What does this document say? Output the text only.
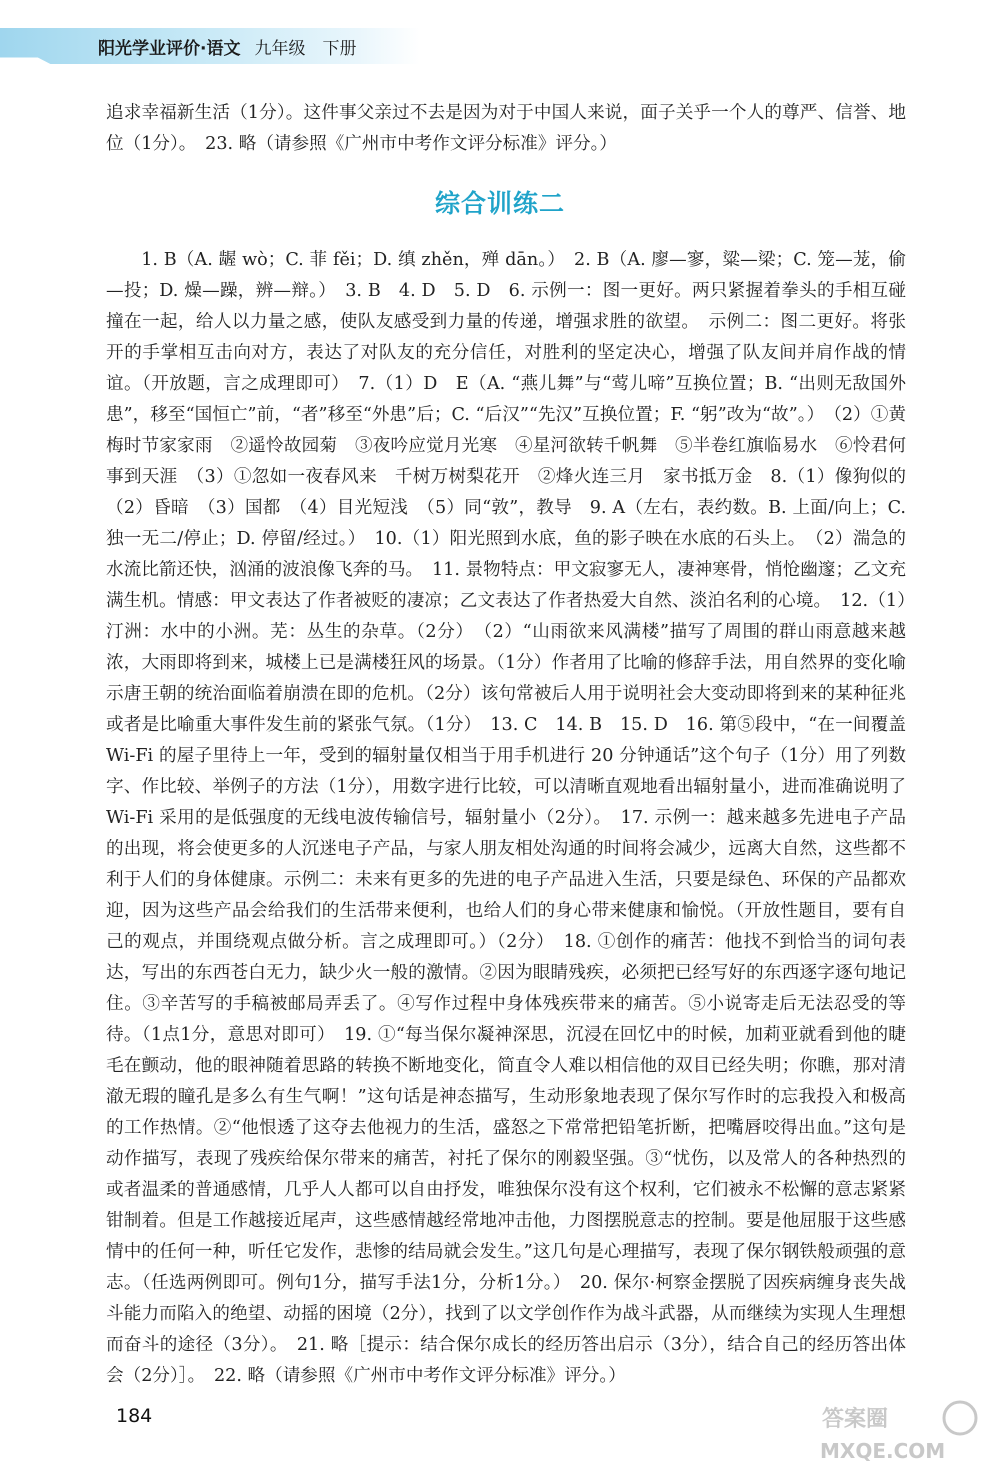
阳光学业评价·语文 九年级　下册

追求幸福新生活（1分）。这件事父亲过不去是因为对于中国人来说，面子关乎一个人的尊严、信誉、地位（1分）。　23. 略（请参照《广州市中考作文评分标准》评分。）

综合训练二

1. B（A. 龌 wò；C. 菲 fěi；D. 缜 zhěn，殚 dān。）　2. B（A. 廖—寥，粱—梁；C. 笼—茏，偷—投；D. 燥—躁，辨—辩。）　3. B　4. D　5. D　6. 示例一：图一更好。两只紧握着拳头的手相互碰撞在一起，给人以力量之感，使队友感受到力量的传递，增强求胜的欲望。　示例二：图二更好。将张开的手掌相互击向对方，表达了对队友的充分信任，对胜利的坚定决心，增强了队友间并肩作战的情谊。（开放题，言之成理即可）　7.（1）D　E（A. “燕儿舞”与“莺儿啼”互换位置；B. “出则无敌国外患”，移至“国恒亡”前，“者”移至“外患”后；C. “后汉”“先汉”互换位置；F. “躬”改为“故”。）　（2）①黄梅时节家家雨　②遥怜故园菊　③夜吟应觉月光寒　④星河欲转千帆舞　⑤半卷红旗临易水　⑥怜君何事到天涯　（3）①忽如一夜春风来　千树万树梨花开　②烽火连三月　家书抵万金　8.（1）像狗似的　（2）昏暗　（3）国都　（4）目光短浅　（5）同“敦”，教导　9. A（左右，表约数。B. 上面/向上；C. 独一无二/停止；D. 停留/经过。）　10.（1）阳光照到水底，鱼的影子映在水底的石头上。　（2）湍急的水流比箭还快，汹涌的波浪像飞奔的马。　11. 景物特点：甲文寂寥无人，凄神寒骨，悄怆幽邃；乙文充满生机。情感：甲文表达了作者被贬的凄凉；乙文表达了作者热爱大自然、淡泊名利的心境。　12.（1）汀洲：水中的小洲。芜：丛生的杂草。（2分）　（2）“山雨欲来风满楼”描写了周围的群山雨意越来越浓，大雨即将到来，城楼上已是满楼狂风的场景。（1分）作者用了比喻的修辞手法，用自然界的变化喻示唐王朝的统治面临着崩溃在即的危机。（2分）该句常被后人用于说明社会大变动即将到来的某种征兆或者是比喻重大事件发生前的紧张气氛。（1分）　13. C　14. B　15. D　16. 第⑤段中，“在一间覆盖 Wi-Fi 的屋子里待上一年，受到的辐射量仅相当于用手机进行 20 分钟通话”这个句子（1分）用了列数字、作比较、举例子的方法（1分），用数字进行比较，可以清晰直观地看出辐射量小，进而准确说明了 Wi-Fi 采用的是低强度的无线电波传输信号，辐射量小（2分）。　17. 示例一：越来越多先进电子产品的出现，将会使更多的人沉迷电子产品，与家人朋友相处沟通的时间将会减少，远离大自然，这些都不利于人们的身体健康。示例二：未来有更多的先进的电子产品进入生活，只要是绿色、环保的产品都欢迎，因为这些产品会给我们的生活带来便利，也给人们的身心带来健康和愉悦。（开放性题目，要有自己的观点，并围绕观点做分析。言之成理即可。）（2分）　18. ①创作的痛苦：他找不到恰当的词句表达，写出的东西苍白无力，缺少火一般的激情。②因为眼睛残疾，必须把已经写好的东西逐字逐句地记住。③辛苦写的手稿被邮局弄丢了。④写作过程中身体残疾带来的痛苦。⑤小说寄走后无法忍受的等待。（1点1分，意思对即可）　19. ①“每当保尔凝神深思，沉浸在回忆中的时候，加莉亚就看到他的睫毛在颤动，他的眼神随着思路的转换不断地变化，简直令人难以相信他的双目已经失明；你瞧，那对清澈无瑕的瞳孔是多么有生气啊！”这句话是神态描写，生动形象地表现了保尔写作时的忘我投入和极高的工作热情。②“他恨透了这夺去他视力的生活，盛怒之下常常把铅笔折断，把嘴唇咬得出血。”这句是动作描写，表现了残疾给保尔带来的痛苦，衬托了保尔的刚毅坚强。③“忧伤，以及常人的各种热烈的或者温柔的普通感情，几乎人人都可以自由抒发，唯独保尔没有这个权利，它们被永不松懈的意志紧紧钳制着。但是工作越接近尾声，这些感情越经常地冲击他，力图摆脱意志的控制。要是他屈服于这些感情中的任何一种，听任它发作，悲惨的结局就会发生。”这几句是心理描写，表现了保尔钢铁般顽强的意志。（任选两例即可。例句1分，描写手法1分，分析1分。）　20. 保尔·柯察金摆脱了因疾病缠身丧失战斗能力而陷入的绝望、动摇的困境（2分），找到了以文学创作作为战斗武器，从而继续为实现人生理想而奋斗的途径（3分）。　21. 略［提示：结合保尔成长的经历答出启示（3分），结合自己的经历答出体会（2分）］。　22. 略（请参照《广州市中考作文评分标准》评分。）

184	答案圈
MXQE.COM
